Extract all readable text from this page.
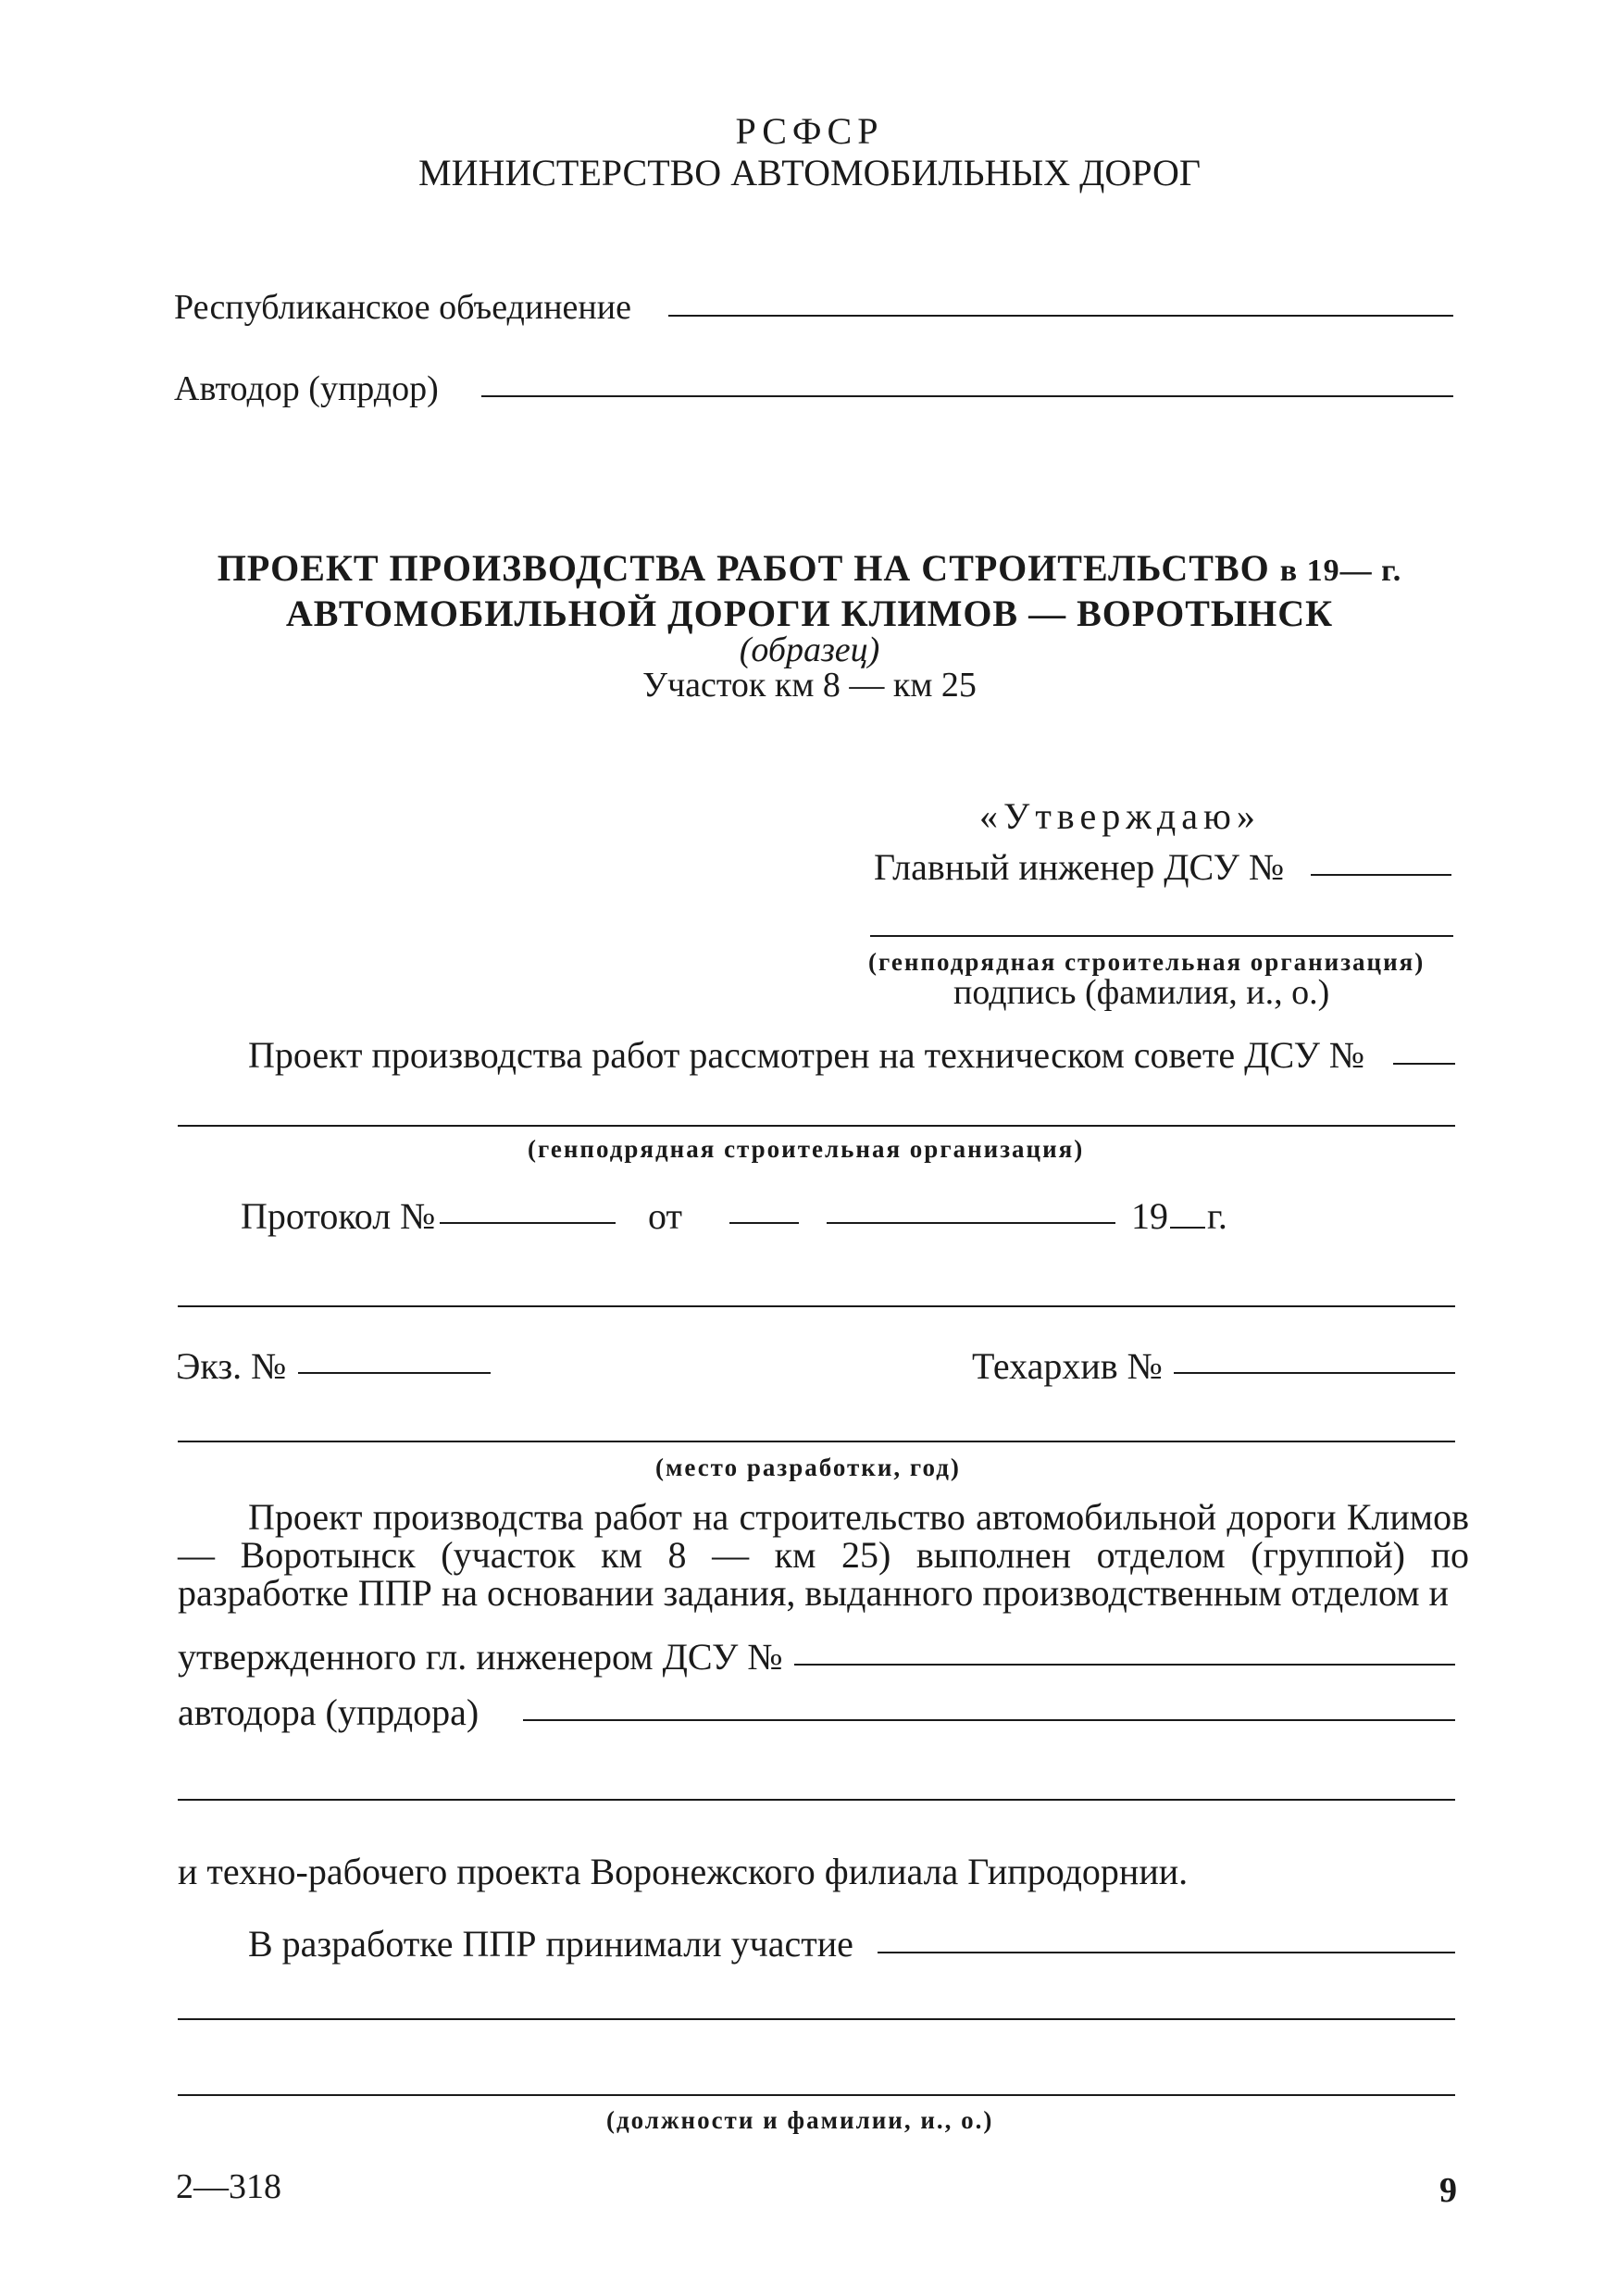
РСФСР
МИНИСТЕРСТВО АВТОМОБИЛЬНЫХ ДОРОГ
Республиканское объединение
Автодор (упрдор)
ПРОЕКТ ПРОИЗВОДСТВА РАБОТ НА СТРОИТЕЛЬСТВО в 19— г.
АВТОМОБИЛЬНОЙ ДОРОГИ КЛИМОВ — ВОРОТЫНСК
(образец)
Участок км 8 — км 25
«Утверждаю»
Главный инженер ДСУ №
(генподрядная строительная организация)
подпись (фамилия, и., о.)
Проект производства работ рассмотрен на техническом совете ДСУ №
(генподрядная строительная организация)
Протокол №	от	19 г.
Экз. №	Техархив №
(место разработки, год)
Проект производства работ на строительство автомобильной дороги Климов — Воротынск (участок км 8 — км 25) выполнен отделом (группой) по разработке ППР на основании задания, выданного производственным отделом и
утвержденного гл. инженером ДСУ №
автодора (упрдора)
и техно-рабочего проекта Воронежского филиала Гипродорнии.
В разработке ППР принимали участие
(должности и фамилии, и., о.)
2—318	9
